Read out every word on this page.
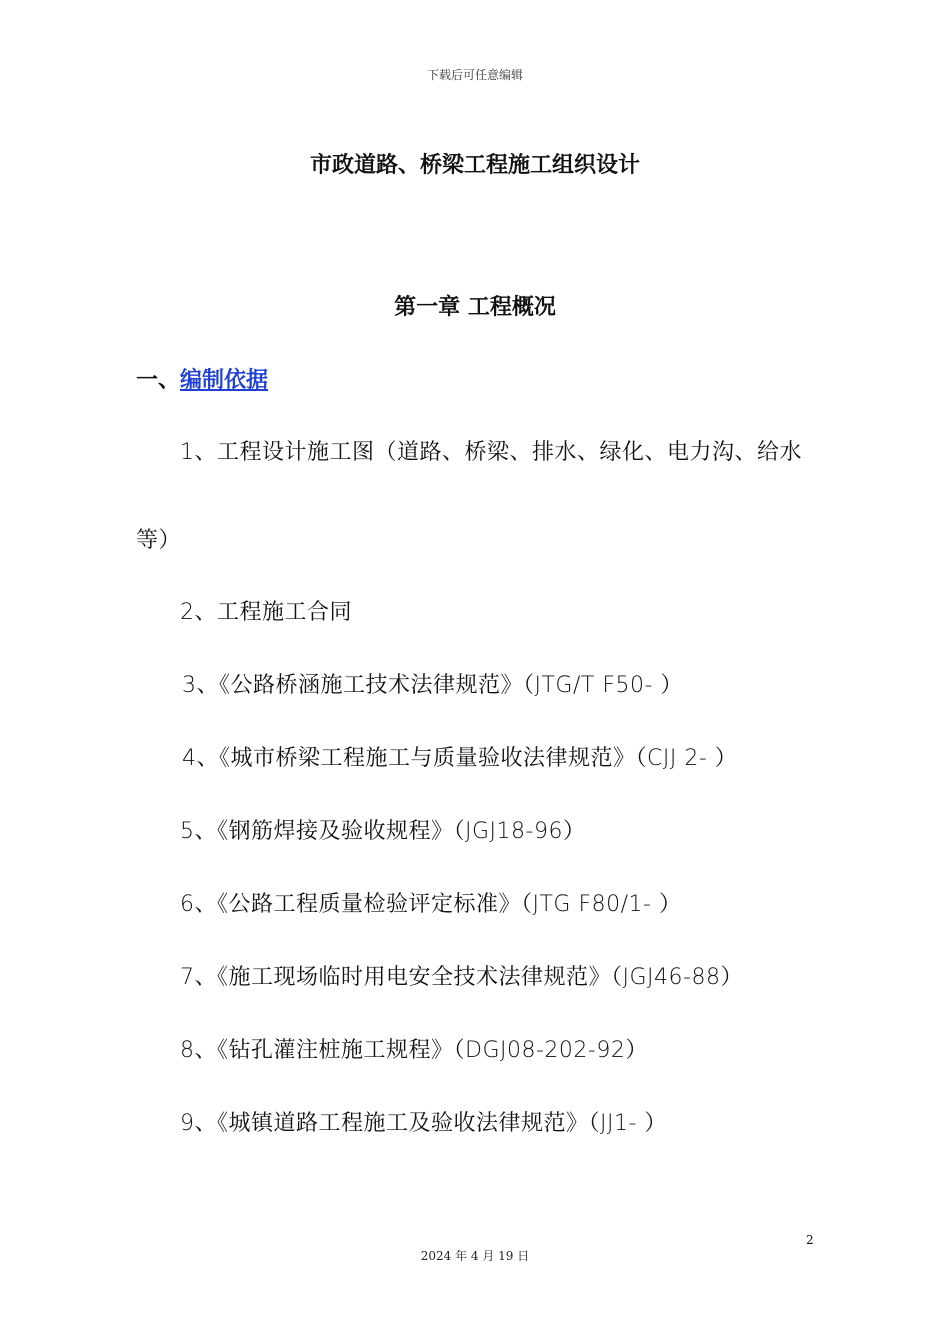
下载后可任意编辑
市政道路、桥梁工程施工组织设计
第一章 工程概况
一、编制依据
1、工程设计施工图（道路、桥梁、排水、绿化、电力沟、给水
等）
2、工程施工合同
3、《公路桥涵施工技术法律规范》（JTG/T F50- ）
4、《城市桥梁工程施工与质量验收法律规范》（CJJ 2- ）
5、《钢筋焊接及验收规程》（JGJ18-96）
6、《公路工程质量检验评定标准》（JTG F80/1- ）
7、《施工现场临时用电安全技术法律规范》（JGJ46-88）
8、《钻孔灌注桩施工规程》（DGJ08-202-92）
9、《城镇道路工程施工及验收法律规范》（JJ1- ）
2
2024 年 4 月 19 日
